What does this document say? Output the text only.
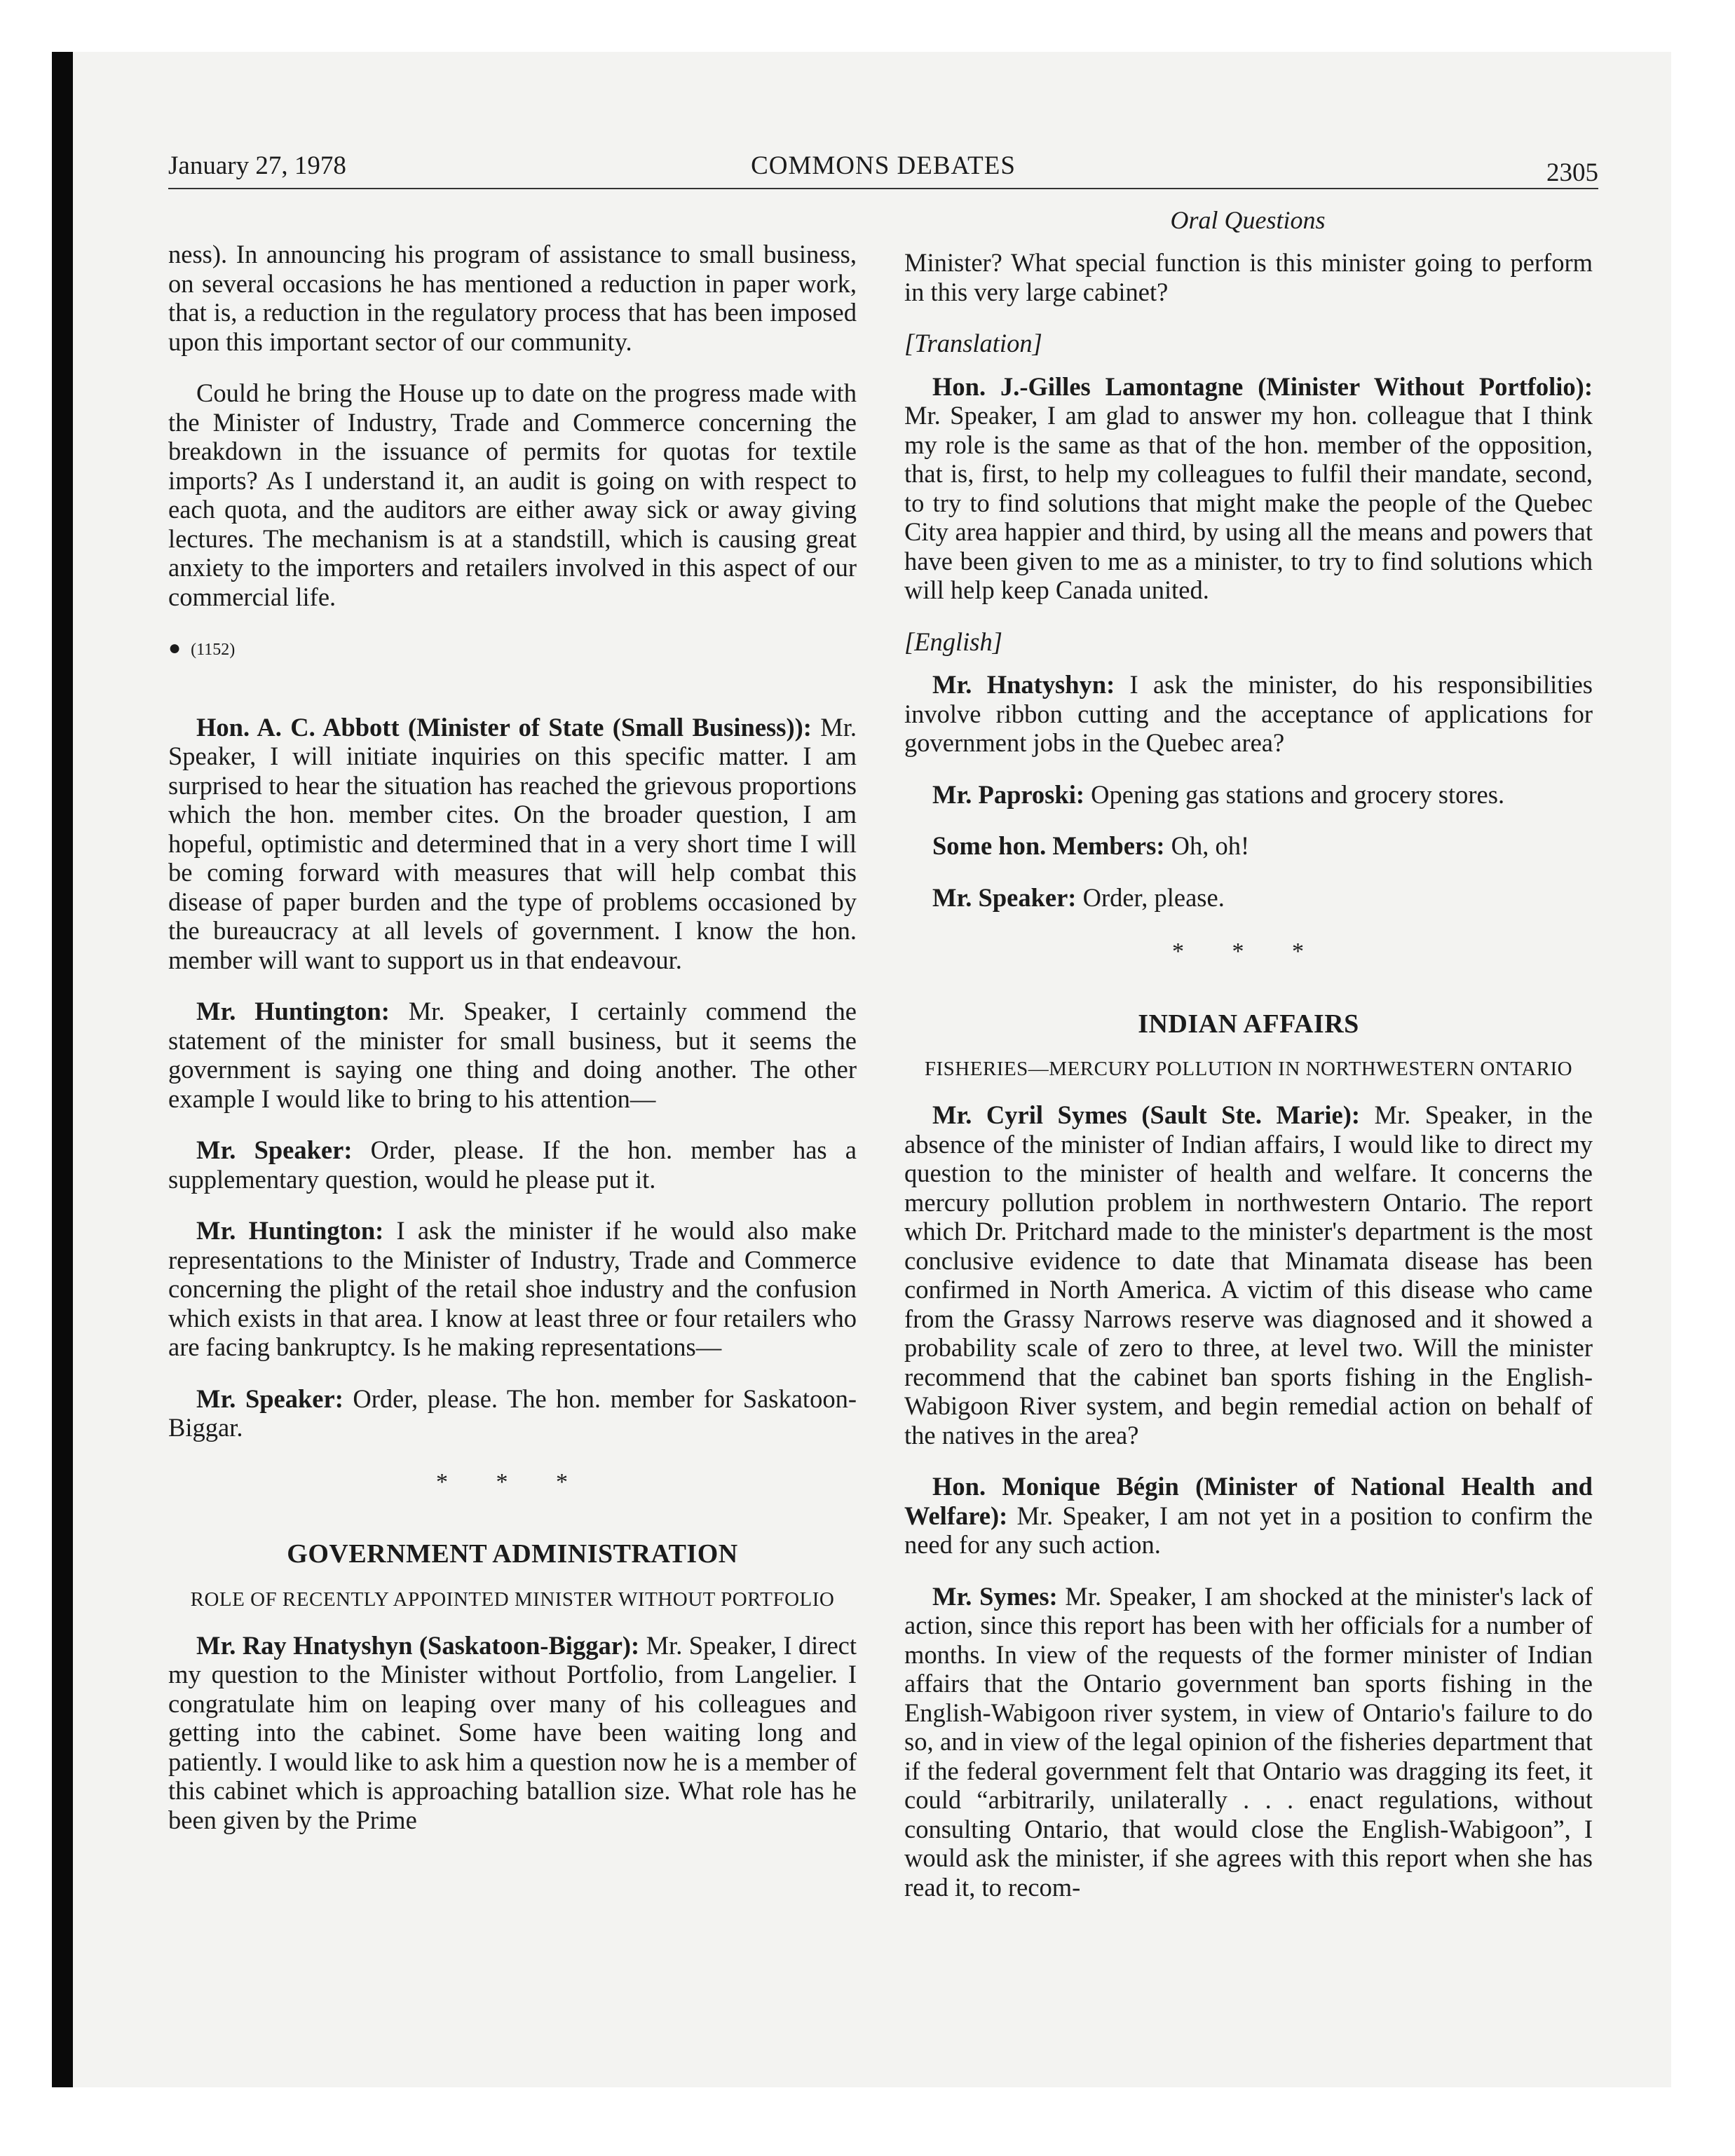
January 27, 1978	COMMONS DEBATES	2305
Oral Questions

ness). In announcing his program of assistance to small business, on several occasions he has mentioned a reduction in paper work, that is, a reduction in the regulatory process that has been imposed upon this important sector of our community.

Could he bring the House up to date on the progress made with the Minister of Industry, Trade and Commerce concerning the breakdown in the issuance of permits for quotas for textile imports? As I understand it, an audit is going on with respect to each quota, and the auditors are either away sick or away giving lectures. The mechanism is at a standstill, which is causing great anxiety to the importers and retailers involved in this aspect of our commercial life.

● (1152)

Hon. A. C. Abbott (Minister of State (Small Business)): Mr. Speaker, I will initiate inquiries on this specific matter. I am surprised to hear the situation has reached the grievous proportions which the hon. member cites. On the broader question, I am hopeful, optimistic and determined that in a very short time I will be coming forward with measures that will help combat this disease of paper burden and the type of problems occasioned by the bureaucracy at all levels of government. I know the hon. member will want to support us in that endeavour.

Mr. Huntington: Mr. Speaker, I certainly commend the statement of the minister for small business, but it seems the government is saying one thing and doing another. The other example I would like to bring to his attention—

Mr. Speaker: Order, please. If the hon. member has a supplementary question, would he please put it.

Mr. Huntington: I ask the minister if he would also make representations to the Minister of Industry, Trade and Commerce concerning the plight of the retail shoe industry and the confusion which exists in that area. I know at least three or four retailers who are facing bankruptcy. Is he making representations—

Mr. Speaker: Order, please. The hon. member for Saskatoon-Biggar.

* * *
GOVERNMENT ADMINISTRATION
ROLE OF RECENTLY APPOINTED MINISTER WITHOUT PORTFOLIO

Mr. Ray Hnatyshyn (Saskatoon-Biggar): Mr. Speaker, I direct my question to the Minister without Portfolio, from Langelier. I congratulate him on leaping over many of his colleagues and getting into the cabinet. Some have been waiting long and patiently. I would like to ask him a question now he is a member of this cabinet which is approaching batallion size. What role has he been given by the Prime

Minister? What special function is this minister going to perform in this very large cabinet?

[Translation]

Hon. J.-Gilles Lamontagne (Minister Without Portfolio): Mr. Speaker, I am glad to answer my hon. colleague that I think my role is the same as that of the hon. member of the opposition, that is, first, to help my colleagues to fulfil their mandate, second, to try to find solutions that might make the people of the Quebec City area happier and third, by using all the means and powers that have been given to me as a minister, to try to find solutions which will help keep Canada united.

[English]

Mr. Hnatyshyn: I ask the minister, do his responsibilities involve ribbon cutting and the acceptance of applications for government jobs in the Quebec area?

Mr. Paproski: Opening gas stations and grocery stores.

Some hon. Members: Oh, oh!

Mr. Speaker: Order, please.

* * *
INDIAN AFFAIRS
FISHERIES—MERCURY POLLUTION IN NORTHWESTERN ONTARIO

Mr. Cyril Symes (Sault Ste. Marie): Mr. Speaker, in the absence of the minister of Indian affairs, I would like to direct my question to the minister of health and welfare. It concerns the mercury pollution problem in northwestern Ontario. The report which Dr. Pritchard made to the minister's department is the most conclusive evidence to date that Minamata disease has been confirmed in North America. A victim of this disease who came from the Grassy Narrows reserve was diagnosed and it showed a probability scale of zero to three, at level two. Will the minister recommend that the cabinet ban sports fishing in the English-Wabigoon River system, and begin remedial action on behalf of the natives in the area?

Hon. Monique Bégin (Minister of National Health and Welfare): Mr. Speaker, I am not yet in a position to confirm the need for any such action.

Mr. Symes: Mr. Speaker, I am shocked at the minister's lack of action, since this report has been with her officials for a number of months. In view of the requests of the former minister of Indian affairs that the Ontario government ban sports fishing in the English-Wabigoon river system, in view of Ontario's failure to do so, and in view of the legal opinion of the fisheries department that if the federal government felt that Ontario was dragging its feet, it could “arbitrarily, unilaterally . . . enact regulations, without consulting Ontario, that would close the English-Wabigoon”, I would ask the minister, if she agrees with this report when she has read it, to recom-
